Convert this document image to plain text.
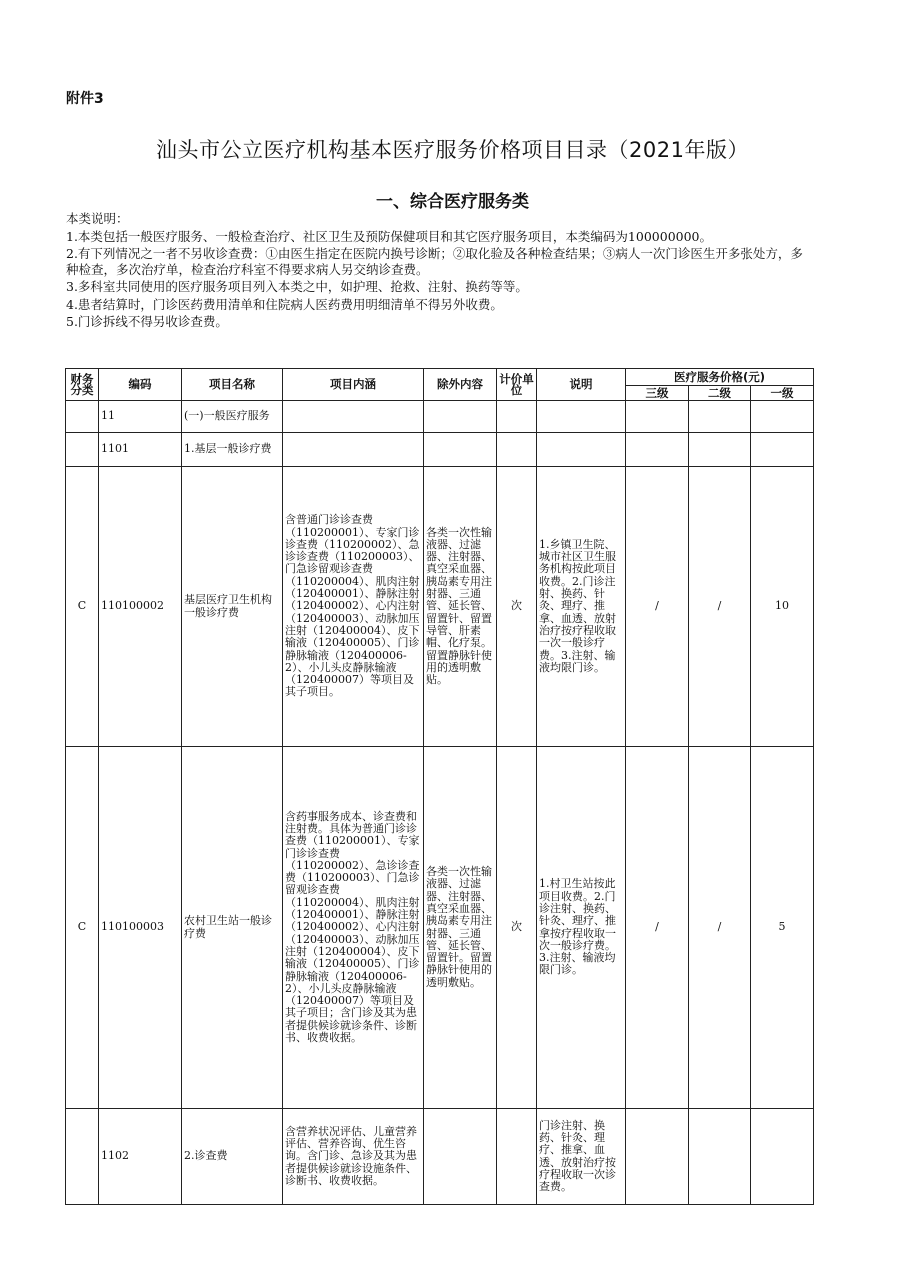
附件3
汕头市公立医疗机构基本医疗服务价格项目目录（2021年版）
一、综合医疗服务类

本类说明：

1.本类包括一般医疗服务、一般检查治疗、社区卫生及预防保健项目和其它医疗服务项目，本类编码为100000000。

2.有下列情况之一者不另收诊查费：①由医生指定在医院内换号诊断；②取化验及各种检查结果；③病人一次门诊医生开多张处方，多种检查，多次治疗单，检查治疗科室不得要求病人另交纳诊查费。

3.多科室共同使用的医疗服务项目列入本类之中，如护理、抢救、注射、换药等等。

4.患者结算时，门诊医药费用清单和住院病人医药费用明细清单不得另外收费。

5.门诊拆线不得另收诊查费。

财务分类	编码	项目名称	项目内涵	除外内容	计价单位	说明	医疗服务价格(元)		
							三级	二级	一级
	11	(一)一般医疗服务							
	1101	1.基层一般诊疗费							
C	110100002	基层医疗卫生机构一般诊疗费	含普通门诊诊查费（110200001）、专家门诊诊查费（110200002）、急诊诊查费（110200003）、门急诊留观诊查费（110200004）、肌肉注射（120400001）、静脉注射（120400002）、心内注射（120400003）、动脉加压注射（120400004）、皮下输液（120400005）、门诊静脉输液（120400006-2）、小儿头皮静脉输液（120400007）等项目及其子项目。	各类一次性输液器、过滤器、注射器、真空采血器、胰岛素专用注射器、三通管、延长管、留置针、留置导管、肝素帽、化疗泵。留置静脉针使用的透明敷贴。	次	1.乡镇卫生院、城市社区卫生服务机构按此项目收费。2.门诊注射、换药、针灸、理疗、推拿、血透、放射治疗按疗程收取一次一般诊疗费。3.注射、输液均限门诊。	/	/	10
C	110100003	农村卫生站一般诊疗费	含药事服务成本、诊查费和注射费。具体为普通门诊诊查费（110200001）、专家门诊诊查费（110200002）、急诊诊查费（110200003）、门急诊留观诊查费（110200004）、肌肉注射（120400001）、静脉注射（120400002）、心内注射（120400003）、动脉加压注射（120400004）、皮下输液（120400005）、门诊静脉输液（120400006-2）、小儿头皮静脉输液（120400007）等项目及其子项目；含门诊及其为患者提供候诊就诊条件、诊断书、收费收据。	各类一次性输液器、过滤器、注射器、真空采血器、胰岛素专用注射器、三通管、延长管、留置针。留置静脉针使用的透明敷贴。	次	1.村卫生站按此项目收费。2.门诊注射、换药、针灸、理疗、推拿按疗程收取一次一般诊疗费。3.注射、输液均限门诊。	/	/	5
	1102	2.诊查费	含营养状况评估、儿童营养评估、营养咨询、优生咨询。含门诊、急诊及其为患者提供候诊就诊设施条件、诊断书、收费收据。			门诊注射、换药、针灸、理疗、推拿、血透、放射治疗按疗程收取一次诊查费。			
